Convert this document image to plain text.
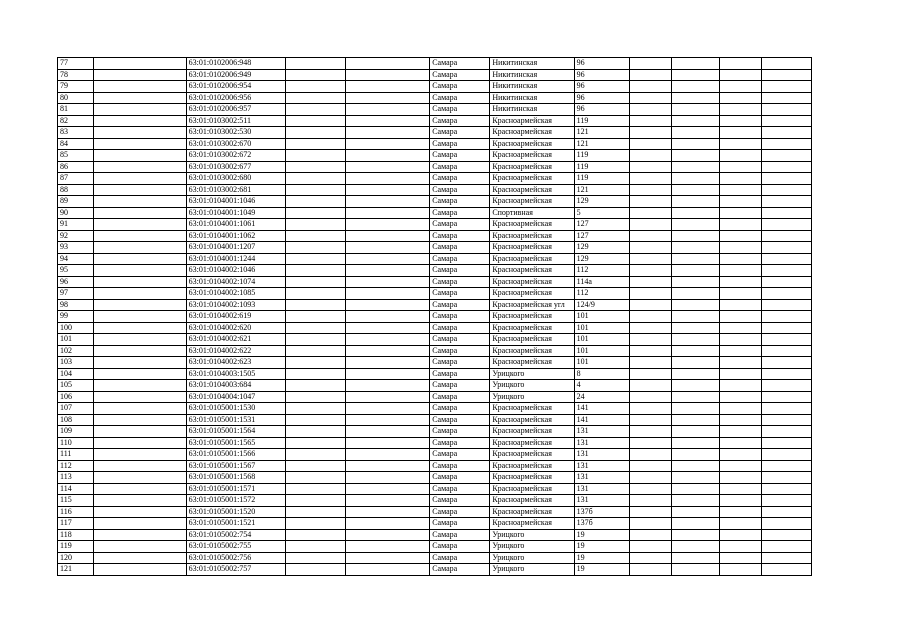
77		63:01:0102006:948			Самара	Никитинская	96				
78		63:01:0102006:949			Самара	Никитинская	96				
79		63:01:0102006:954			Самара	Никитинская	96				
80		63:01:0102006:956			Самара	Никитинская	96				
81		63:01:0102006:957			Самара	Никитинская	96				
82		63:01:0103002:511			Самара	Красноармейская	119				
83		63:01:0103002:530			Самара	Красноармейская	121				
84		63:01:0103002:670			Самара	Красноармейская	121				
85		63:01:0103002:672			Самара	Красноармейская	119				
86		63:01:0103002:677			Самара	Красноармейская	119				
87		63:01:0103002:680			Самара	Красноармейская	119				
88		63:01:0103002:681			Самара	Красноармейская	121				
89		63:01:0104001:1046			Самара	Красноармейская	129				
90		63:01:0104001:1049			Самара	Спортивная	5				
91		63:01:0104001:1061			Самара	Красноармейская	127				
92		63:01:0104001:1062			Самара	Красноармейская	127				
93		63:01:0104001:1207			Самара	Красноармейская	129				
94		63:01:0104001:1244			Самара	Красноармейская	129				
95		63:01:0104002:1046			Самара	Красноармейская	112				
96		63:01:0104002:1074			Самара	Красноармейская	114а				
97		63:01:0104002:1085			Самара	Красноармейская	112				
98		63:01:0104002:1093			Самара	Красноармейская угл	124/9				
99		63:01:0104002:619			Самара	Красноармейская	101				
100		63:01:0104002:620			Самара	Красноармейская	101				
101		63:01:0104002:621			Самара	Красноармейская	101				
102		63:01:0104002:622			Самара	Красноармейская	101				
103		63:01:0104002:623			Самара	Красноармейская	101				
104		63:01:0104003:1505			Самара	Урицкого	8				
105		63:01:0104003:684			Самара	Урицкого	4				
106		63:01:0104004:1047			Самара	Урицкого	24				
107		63:01:0105001:1530			Самара	Красноармейская	141				
108		63:01:0105001:1531			Самара	Красноармейская	141				
109		63:01:0105001:1564			Самара	Красноармейская	131				
110		63:01:0105001:1565			Самара	Красноармейская	131				
111		63:01:0105001:1566			Самара	Красноармейская	131				
112		63:01:0105001:1567			Самара	Красноармейская	131				
113		63:01:0105001:1568			Самара	Красноармейская	131				
114		63:01:0105001:1571			Самара	Красноармейская	131				
115		63:01:0105001:1572			Самара	Красноармейская	131				
116		63:01:0105001:1520			Самара	Красноармейская	137б				
117		63:01:0105001:1521			Самара	Красноармейская	137б				
118		63:01:0105002:754			Самара	Урицкого	19				
119		63:01:0105002:755			Самара	Урицкого	19				
120		63:01:0105002:756			Самара	Урицкого	19				
121		63:01:0105002:757			Самара	Урицкого	19				
